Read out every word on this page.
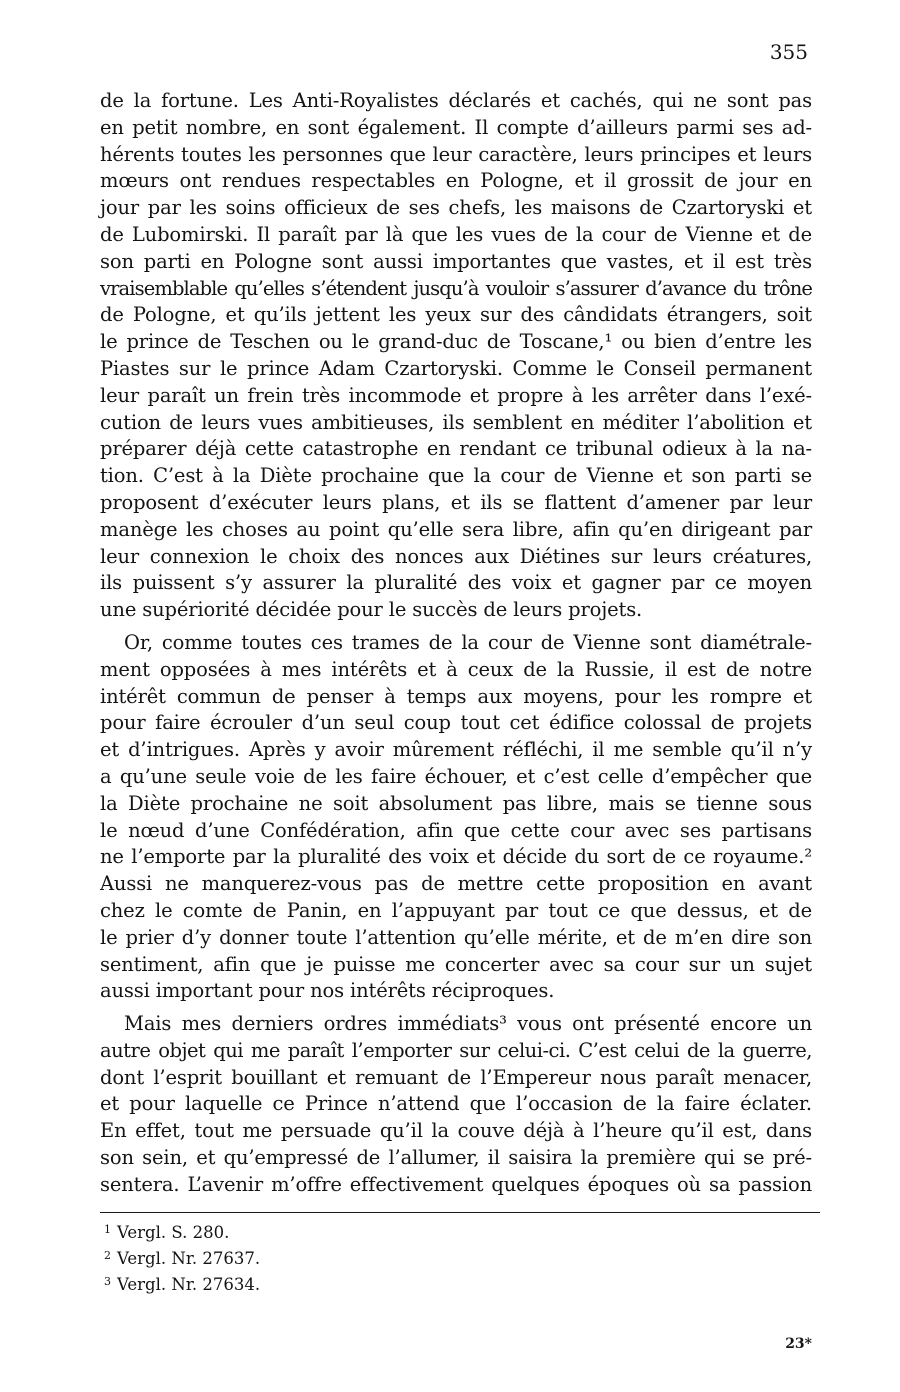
355

de la fortune. Les Anti-Royalistes déclarés et cachés, qui ne sont pas
en petit nombre, en sont également. Il compte d’ailleurs parmi ses ad-
hérents toutes les personnes que leur caractère, leurs principes et leurs
mœurs ont rendues respectables en Pologne, et il grossit de jour en
jour par les soins officieux de ses chefs, les maisons de Czartoryski et
de Lubomirski. Il paraît par là que les vues de la cour de Vienne et de
son parti en Pologne sont aussi importantes que vastes, et il est très
vraisemblable qu’elles s’étendent jusqu’à vouloir s’assurer d’avance du trône
de Pologne, et qu’ils jettent les yeux sur des cândidats étrangers, soit
le prince de Teschen ou le grand-duc de Toscane,¹ ou bien d’entre les
Piastes sur le prince Adam Czartoryski. Comme le Conseil permanent
leur paraît un frein très incommode et propre à les arrêter dans l’exé-
cution de leurs vues ambitieuses, ils semblent en méditer l’abolition et
préparer déjà cette catastrophe en rendant ce tribunal odieux à la na-
tion. C’est à la Diète prochaine que la cour de Vienne et son parti se
proposent d’exécuter leurs plans, et ils se flattent d’amener par leur
manège les choses au point qu’elle sera libre, afin qu’en dirigeant par
leur connexion le choix des nonces aux Diétines sur leurs créatures,
ils puissent s’y assurer la pluralité des voix et gagner par ce moyen
une supériorité décidée pour le succès de leurs projets.

Or, comme toutes ces trames de la cour de Vienne sont diamétrale-
ment opposées à mes intérêts et à ceux de la Russie, il est de notre
intérêt commun de penser à temps aux moyens, pour les rompre et
pour faire écrouler d’un seul coup tout cet édifice colossal de projets
et d’intrigues. Après y avoir mûrement réfléchi, il me semble qu’il n’y
a qu’une seule voie de les faire échouer, et c’est celle d’empêcher que
la Diète prochaine ne soit absolument pas libre, mais se tienne sous
le nœud d’une Confédération, afin que cette cour avec ses partisans
ne l’emporte par la pluralité des voix et décide du sort de ce royaume.²
Aussi ne manquerez-vous pas de mettre cette proposition en avant
chez le comte de Panin, en l’appuyant par tout ce que dessus, et de
le prier d’y donner toute l’attention qu’elle mérite, et de m’en dire son
sentiment, afin que je puisse me concerter avec sa cour sur un sujet
aussi important pour nos intérêts réciproques.

Mais mes derniers ordres immédiats³ vous ont présenté encore un
autre objet qui me paraît l’emporter sur celui-ci. C’est celui de la guerre,
dont l’esprit bouillant et remuant de l’Empereur nous paraît menacer,
et pour laquelle ce Prince n’attend que l’occasion de la faire éclater.
En effet, tout me persuade qu’il la couve déjà à l’heure qu’il est, dans
son sein, et qu’empressé de l’allumer, il saisira la première qui se pré-
sentera. L’avenir m’offre effectivement quelques époques où sa passion

$^1$ Vergl. S. 280.
$^2$ Vergl. Nr. 27637.
$^3$ Vergl. Nr. 27634.
23*
